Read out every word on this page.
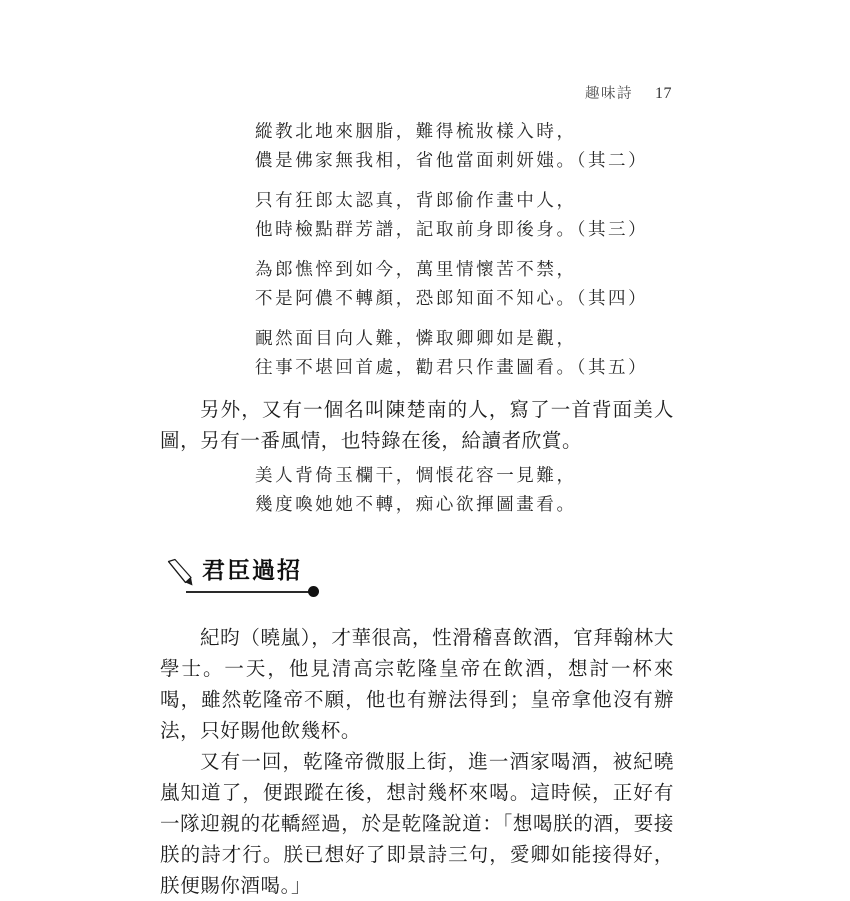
趣味詩 17
縱教北地來胭脂，難得梳妝樣入時，
儂是佛家無我相，省他當面刺妍媸。（其二）
只有狂郎太認真，背郎偷作畫中人，
他時檢點群芳譜，記取前身即後身。（其三）
為郎憔悴到如今，萬里情懷苦不禁，
不是阿儂不轉顏，恐郎知面不知心。（其四）
靦然面目向人難，憐取卿卿如是觀，
往事不堪回首處，勸君只作畫圖看。（其五）

另外，又有一個名叫陳楚南的人，寫了一首背面美人圖，另有一番風情，也特錄在後，給讀者欣賞。

美人背倚玉欄干，惆悵花容一見難，
幾度喚她她不轉，痴心欲揮圖畫看。
君臣過招

紀昀（曉嵐），才華很高，性滑稽喜飲酒，官拜翰林大學士。一天，他見清高宗乾隆皇帝在飲酒，想討一杯來喝，雖然乾隆帝不願，他也有辦法得到；皇帝拿他沒有辦法，只好賜他飲幾杯。

又有一回，乾隆帝微服上街，進一酒家喝酒，被紀曉嵐知道了，便跟蹤在後，想討幾杯來喝。這時候，正好有一隊迎親的花轎經過，於是乾隆說道：「想喝朕的酒，要接朕的詩才行。朕已想好了即景詩三句，愛卿如能接得好，朕便賜你酒喝。」
